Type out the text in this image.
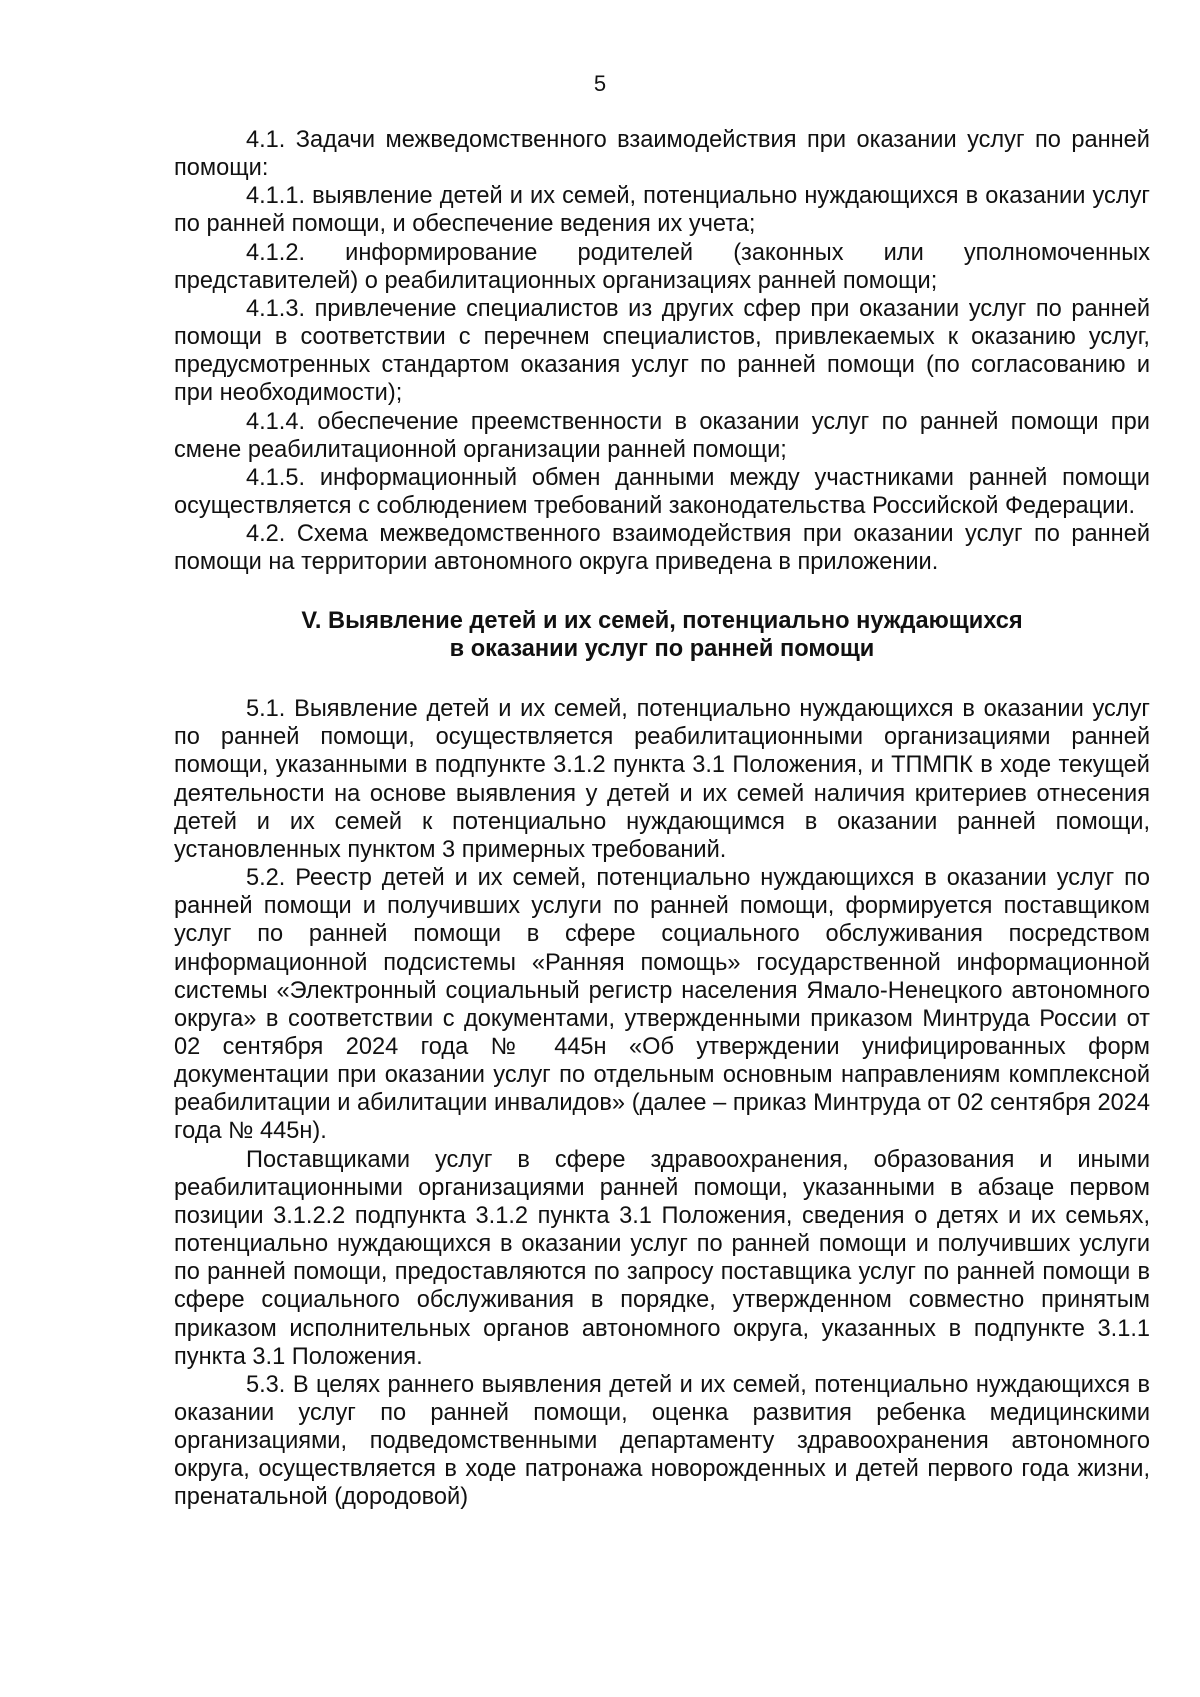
5

4.1. Задачи межведомственного взаимодействия при оказании услуг по ранней помощи:

4.1.1. выявление детей и их семей, потенциально нуждающихся в оказании услуг по ранней помощи, и обеспечение ведения их учета;

4.1.2. информирование родителей (законных или уполномоченных представителей) о реабилитационных организациях ранней помощи;

4.1.3. привлечение специалистов из других сфер при оказании услуг по ранней помощи в соответствии с перечнем специалистов, привлекаемых к оказанию услуг, предусмотренных стандартом оказания услуг по ранней помощи (по согласованию и при необходимости);

4.1.4. обеспечение преемственности в оказании услуг по ранней помощи при смене реабилитационной организации ранней помощи;

4.1.5. информационный обмен данными между участниками ранней помощи осуществляется с соблюдением требований законодательства Российской Федерации.

4.2. Схема межведомственного взаимодействия при оказании услуг по ранней помощи на территории автономного округа приведена в приложении.

V. Выявление детей и их семей, потенциально нуждающихся
в оказании услуг по ранней помощи

5.1. Выявление детей и их семей, потенциально нуждающихся в оказании услуг по ранней помощи, осуществляется реабилитационными организациями ранней помощи, указанными в подпункте 3.1.2 пункта 3.1 Положения, и ТПМПК в ходе текущей деятельности на основе выявления у детей и их семей наличия критериев отнесения детей и их семей к потенциально нуждающимся в оказании ранней помощи, установленных пунктом 3 примерных требований.

5.2. Реестр детей и их семей, потенциально нуждающихся в оказании услуг по ранней помощи и получивших услуги по ранней помощи, формируется поставщиком услуг по ранней помощи в сфере социального обслуживания посредством информационной подсистемы «Ранняя помощь» государственной информационной системы «Электронный социальный регистр населения Ямало-Ненецкого автономного округа» в соответствии с документами, утвержденными приказом Минтруда России от 02 сентября 2024 года № 445н «Об утверждении унифицированных форм документации при оказании услуг по отдельным основным направлениям комплексной реабилитации и абилитации инвалидов» (далее – приказ Минтруда от 02 сентября 2024 года № 445н).

Поставщиками услуг в сфере здравоохранения, образования и иными реабилитационными организациями ранней помощи, указанными в абзаце первом позиции 3.1.2.2 подпункта 3.1.2 пункта 3.1 Положения, сведения о детях и их семьях, потенциально нуждающихся в оказании услуг по ранней помощи и получивших услуги по ранней помощи, предоставляются по запросу поставщика услуг по ранней помощи в сфере социального обслуживания в порядке, утвержденном совместно принятым приказом исполнительных органов автономного округа, указанных в подпункте 3.1.1 пункта 3.1 Положения.

5.3. В целях раннего выявления детей и их семей, потенциально нуждающихся в оказании услуг по ранней помощи, оценка развития ребенка медицинскими организациями, подведомственными департаменту здравоохранения автономного округа, осуществляется в ходе патронажа новорожденных и детей первого года жизни, пренатальной (дородовой)
